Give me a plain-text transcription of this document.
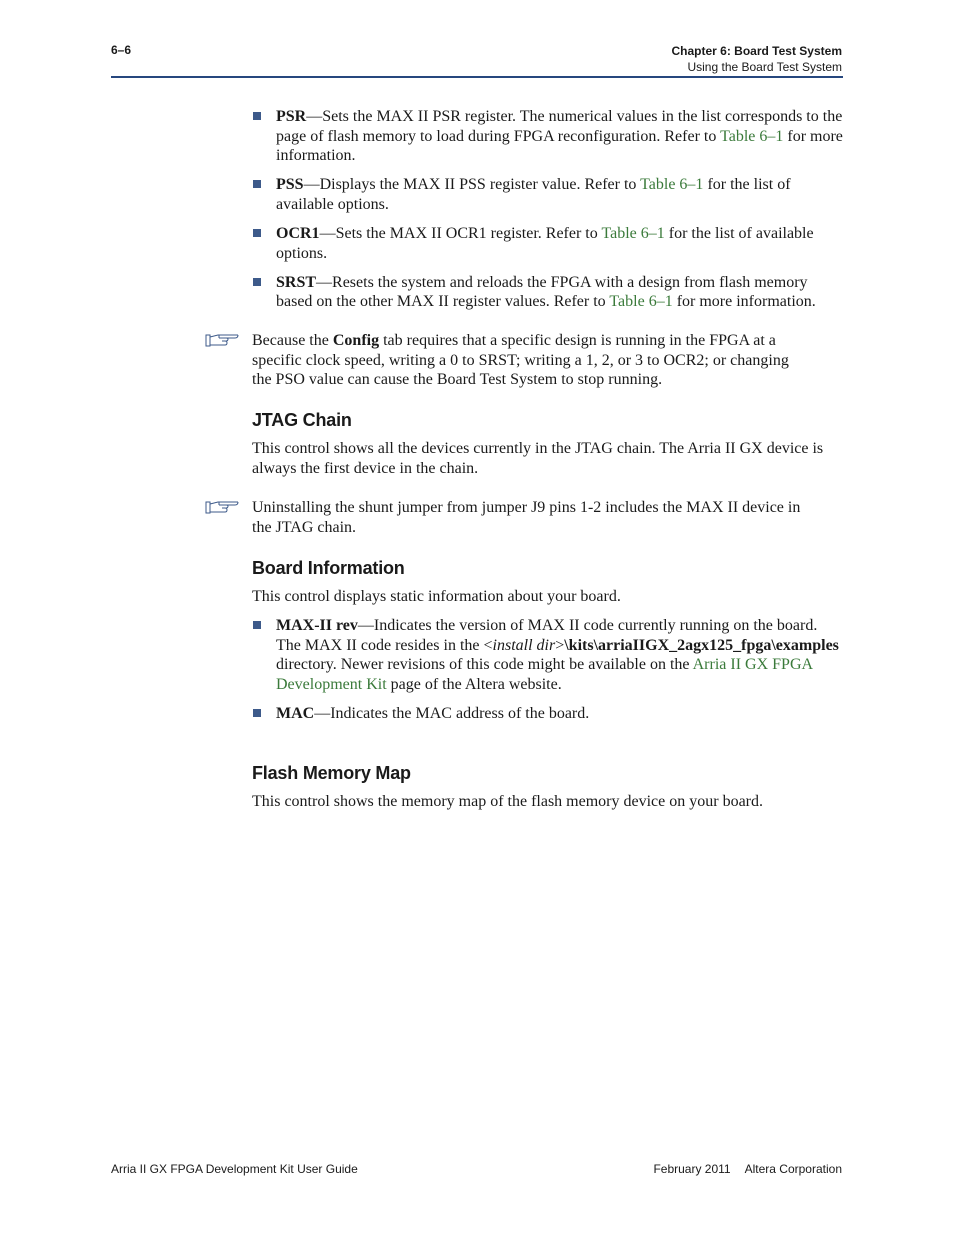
6–6	Chapter 6: Board Test System
Using the Board Test System
PSR—Sets the MAX II PSR register. The numerical values in the list corresponds to the page of flash memory to load during FPGA reconfiguration. Refer to Table 6–1 for more information.
PSS—Displays the MAX II PSS register value. Refer to Table 6–1 for the list of available options.
OCR1—Sets the MAX II OCR1 register. Refer to Table 6–1 for the list of available options.
SRST—Resets the system and reloads the FPGA with a design from flash memory based on the other MAX II register values. Refer to Table 6–1 for more information.

Because the Config tab requires that a specific design is running in the FPGA at a specific clock speed, writing a 0 to SRST; writing a 1, 2, or 3 to OCR2; or changing the PSO value can cause the Board Test System to stop running.

JTAG Chain

This control shows all the devices currently in the JTAG chain. The Arria II GX device is always the first device in the chain.

Uninstalling the shunt jumper from jumper J9 pins 1-2 includes the MAX II device in the JTAG chain.

Board Information

This control displays static information about your board.

MAX-II rev—Indicates the version of MAX II code currently running on the board. The MAX II code resides in the <install dir>\kits\arriaIIGX_2agx125_fpga\examples directory. Newer revisions of this code might be available on the Arria II GX FPGA Development Kit page of the Altera website.
MAC—Indicates the MAC address of the board.
Flash Memory Map

This control shows the memory map of the flash memory device on your board.

Arria II GX FPGA Development Kit User Guide	February 2011 Altera Corporation
